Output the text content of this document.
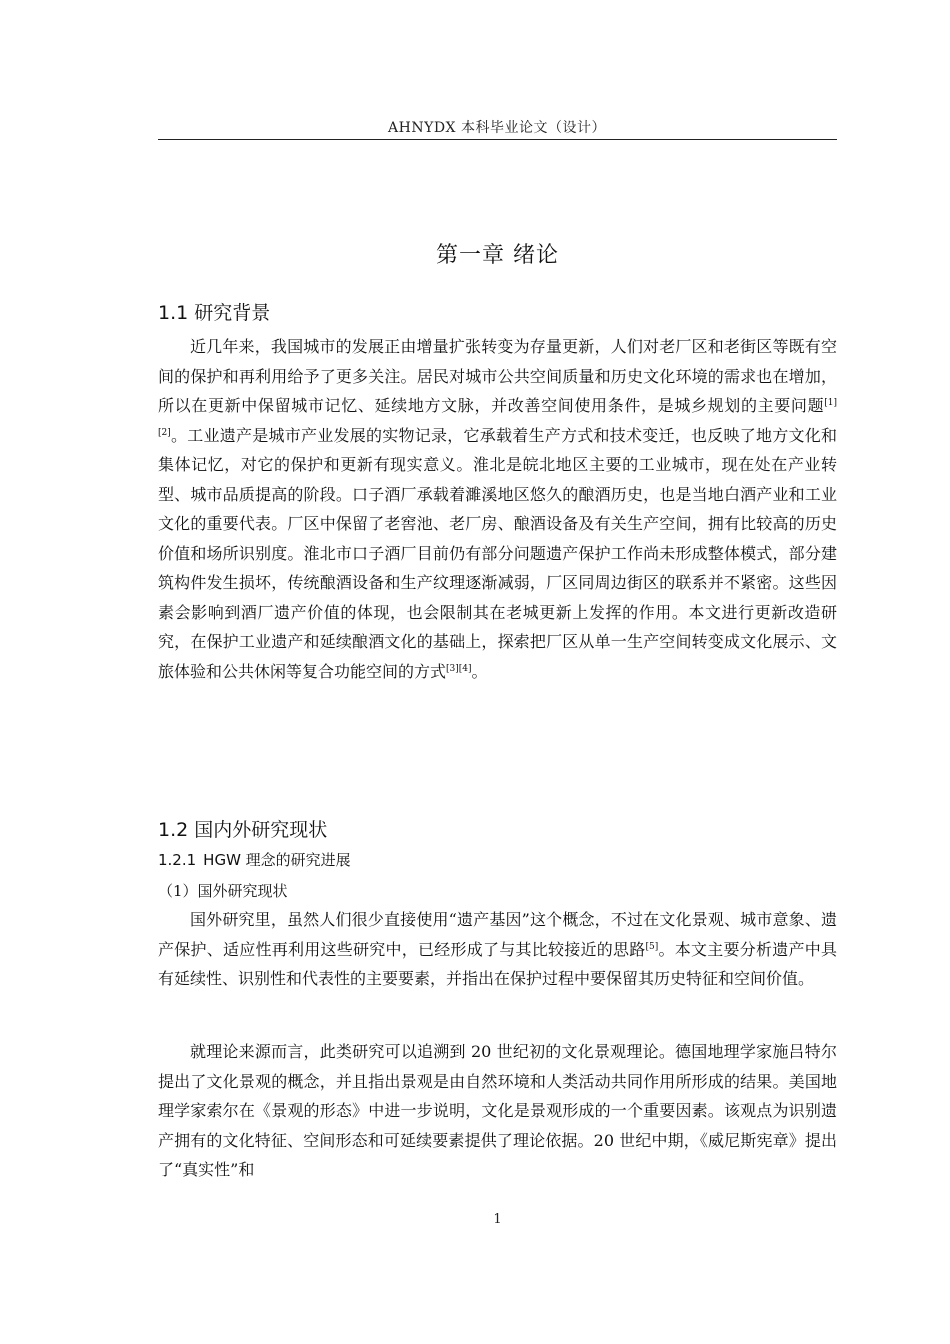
AHNYDX 本科毕业论文（设计）
第一章 绪论
1.1 研究背景

近几年来，我国城市的发展正由增量扩张转变为存量更新，人们对老厂区和老街区等既有空间的保护和再利用给予了更多关注。居民对城市公共空间质量和历史文化环境的需求也在增加，所以在更新中保留城市记忆、延续地方文脉，并改善空间使用条件，是城乡规划的主要问题[1][2]。工业遗产是城市产业发展的实物记录，它承载着生产方式和技术变迁，也反映了地方文化和集体记忆，对它的保护和更新有现实意义。淮北是皖北地区主要的工业城市，现在处在产业转型、城市品质提高的阶段。口子酒厂承载着濉溪地区悠久的酿酒历史，也是当地白酒产业和工业文化的重要代表。厂区中保留了老窖池、老厂房、酿酒设备及有关生产空间，拥有比较高的历史价值和场所识别度。淮北市口子酒厂目前仍有部分问题遗产保护工作尚未形成整体模式，部分建筑构件发生损坏，传统酿酒设备和生产纹理逐渐减弱，厂区同周边街区的联系并不紧密。这些因素会影响到酒厂遗产价值的体现，也会限制其在老城更新上发挥的作用。本文进行更新改造研究，在保护工业遗产和延续酿酒文化的基础上，探索把厂区从单一生产空间转变成文化展示、文旅体验和公共休闲等复合功能空间的方式[3][4]。

1.2 国内外研究现状
1.2.1 HGW 理念的研究进展
（1）国外研究现状

国外研究里，虽然人们很少直接使用“遗产基因”这个概念，不过在文化景观、城市意象、遗产保护、适应性再利用这些研究中，已经形成了与其比较接近的思路[5]。本文主要分析遗产中具有延续性、识别性和代表性的主要要素，并指出在保护过程中要保留其历史特征和空间价值。

就理论来源而言，此类研究可以追溯到 20 世纪初的文化景观理论。德国地理学家施吕特尔提出了文化景观的概念，并且指出景观是由自然环境和人类活动共同作用所形成的结果。美国地理学家索尔在《景观的形态》中进一步说明，文化是景观形成的一个重要因素。该观点为识别遗产拥有的文化特征、空间形态和可延续要素提供了理论依据。20 世纪中期，《威尼斯宪章》提出了“真实性”和

1
